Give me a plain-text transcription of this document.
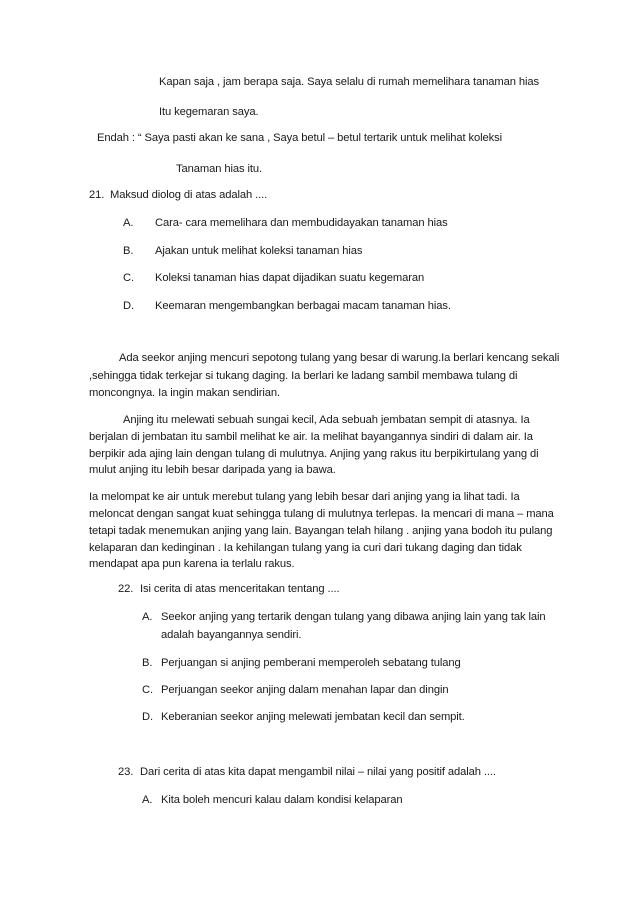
Kapan saja , jam berapa saja. Saya selalu di rumah memelihara tanaman hias
Itu kegemaran saya.
Endah : “ Saya pasti akan ke sana , Saya betul – betul tertarik untuk melihat koleksi
Tanaman hias itu.
21. Maksud diolog di atas adalah ....
A. Cara- cara memelihara dan membudidayakan tanaman hias
B. Ajakan untuk melihat koleksi tanaman hias
C. Koleksi tanaman hias dapat dijadikan suatu kegemaran
D. Keemaran mengembangkan berbagai macam tanaman hias.
Ada seekor anjing mencuri sepotong tulang yang besar di warung.Ia berlari kencang sekali
,sehingga tidak terkejar si tukang daging. Ia berlari ke ladang sambil membawa tulang di
moncongnya. Ia ingin makan sendirian.
Anjing itu melewati sebuah sungai kecil, Ada sebuah jembatan sempit di atasnya. Ia
berjalan di jembatan itu sambil melihat ke air. Ia melihat bayangannya sindiri di dalam air. Ia
berpikir ada ajing lain dengan tulang di mulutnya. Anjing yang rakus itu berpikirtulang yang di
mulut anjing itu lebih besar daripada yang ia bawa.
Ia melompat ke air untuk merebut tulang yang lebih besar dari anjing yang ia lihat tadi. Ia
meloncat dengan sangat kuat sehingga tulang di mulutnya terlepas. Ia mencari di mana – mana
tetapi tadak menemukan anjing yang lain. Bayangan telah hilang . anjing yana bodoh itu pulang
kelaparan dan kedinginan . Ia kehilangan tulang yang ia curi dari tukang daging dan tidak
mendapat apa pun karena ia terlalu rakus.
22. Isi cerita di atas menceritakan tentang ....
A. Seekor anjing yang tertarik dengan tulang yang dibawa anjing lain yang tak lain
adalah bayangannya sendiri.
B. Perjuangan si anjing pemberani memperoleh sebatang tulang
C. Perjuangan seekor anjing dalam menahan lapar dan dingin
D. Keberanian seekor anjing melewati jembatan kecil dan sempit.
23. Dari cerita di atas kita dapat mengambil nilai – nilai yang positif adalah ....
A. Kita boleh mencuri kalau dalam kondisi kelaparan
